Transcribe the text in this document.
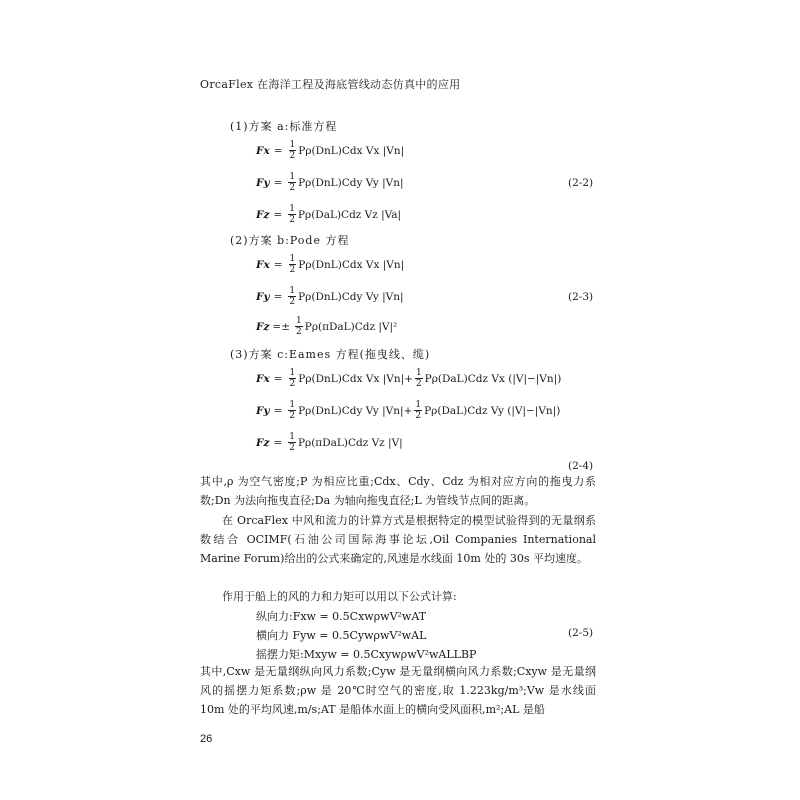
OrcaFlex 在海洋工程及海底管线动态仿真中的应用
(1)方案 a:标准方程
$Fx = \frac{1}{2} P\rho(DnL)Cdx$ Vx |Vn|
$Fy = \frac{1}{2} P\rho(DnL)Cdy$ Vy |Vn|	(2-2)
$Fz = \frac{1}{2} P\rho(DaL)Cdz$ Vz |Va|
(2)方案 b:Pode 方程
$Fx = \frac{1}{2} P\rho(DnL)Cdx$ Vx |Vn|
$Fy = \frac{1}{2} P\rho(DnL)Cdy$ Vy |Vn|	(2-3)
$Fz =\pm \frac{1}{2} P\rho(\pi DaL)Cdz$ |V|²
(3)方案 c:Eames 方程(拖曳线、缆)
$Fx = \frac{1}{2} P\rho(DnL)Cdx$ Vx $|Vn|+ \frac{1}{2} P\rho(DaL)Cdz$ Vx (|V|−|Vn|)
$Fy = \frac{1}{2} P\rho(DnL)Cdy$ Vy $|Vn|+ \frac{1}{2} P\rho(DaL)Cdz$ Vy (|V|−|Vn|)
$Fz = \frac{1}{2} P\rho(\pi DaL)Cdz$ Vz |V|
(2-4)
其中,ρ 为空气密度;P 为相应比重;Cdx、Cdy、Cdz 为相对应方向的拖曳力系数;Dn 为法向拖曳直径;Da 为轴向拖曳直径;L 为管线节点间的距离。
在 OrcaFlex 中风和流力的计算方式是根据特定的模型试验得到的无量纲系数结合 OCIMF(石油公司国际海事论坛,Oil Companies International Marine Forum)给出的公式来确定的,风速是水线面 10m 处的 30s 平均速度。
作用于船上的风的力和力矩可以用以下公式计算:
纵向力:Fxw = 0.5CxwρwV²wAT
横向力 Fyw = 0.5CywρwV²wAL	(2-5)
摇摆力矩:Mxyw = 0.5CxywρwV²wALLBP
其中,Cxw 是无量纲纵向风力系数;Cyw 是无量纲横向风力系数;Cxyw 是无量纲风的摇摆力矩系数;ρw 是 20℃时空气的密度,取 1.223kg/m³;Vw 是水线面 10m 处的平均风速,m/s;AT 是船体水面上的横向受风面积,m²;AL 是船
26
